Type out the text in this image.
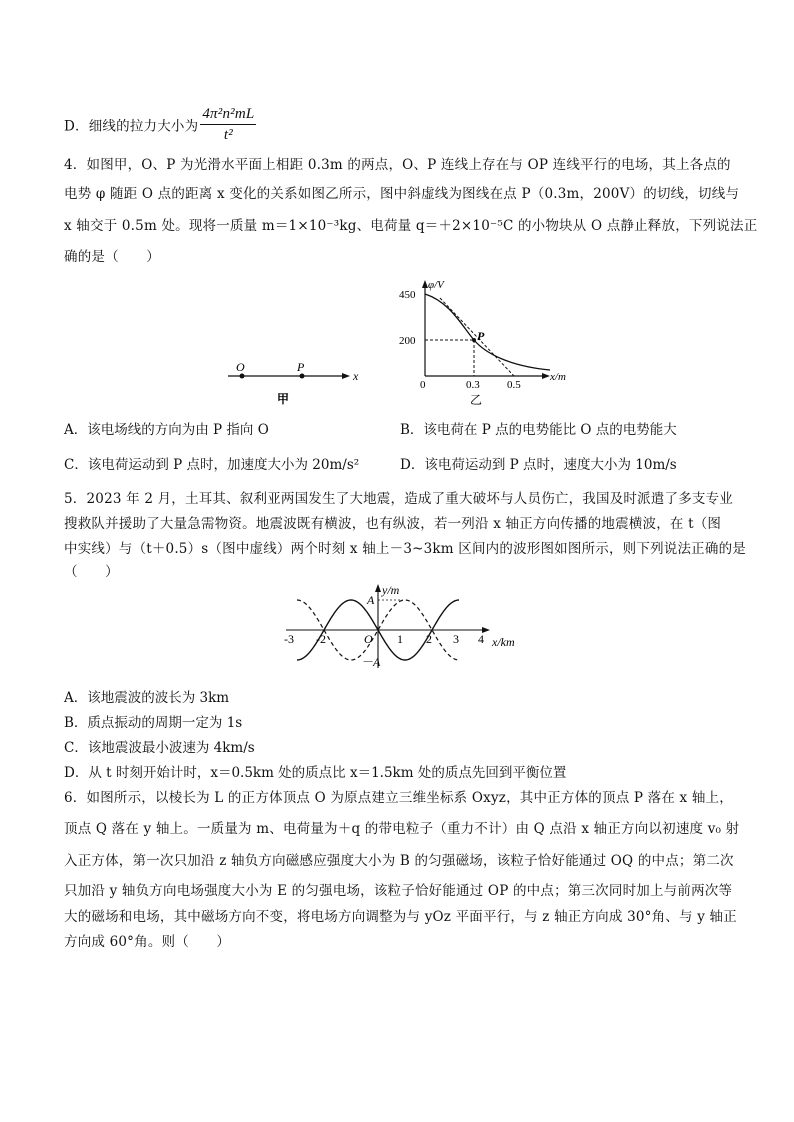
D．细线的拉力大小为 $\frac{\text{4π²n²mL}}{\text{t²}}$
4．如图甲，O、P 为光滑水平面上相距 0.3m 的两点，O、P 连线上存在与 OP 连线平行的电场，其上各点的
电势 φ 随距 O 点的距离 x 变化的关系如图乙所示，图中斜虚线为图线在点 P（0.3m，200V）的切线，切线与
x 轴交于 0.5m 处。现将一质量 m＝1×10⁻³kg、电荷量 q＝＋2×10⁻⁵C 的小物块从 O 点静止释放，下列说法正
确的是（　　）
O	P
x
甲
φ/V
450
200
0	0.3 0.5
P
x/m
乙
A．该电场线的方向为由 P 指向 O	B．该电荷在 P 点的电势能比 O 点的电势能大
C．该电荷运动到 P 点时，加速度大小为 20m/s²	D．该电荷运动到 P 点时，速度大小为 10m/s
5．2023 年 2 月，土耳其、叙利亚两国发生了大地震，造成了重大破坏与人员伤亡，我国及时派遣了多支专业
搜救队并援助了大量急需物资。地震波既有横波，也有纵波，若一列沿 x 轴正方向传播的地震横波，在 t（图
中实线）与（t＋0.5）s（图中虚线）两个时刻 x 轴上－3~3km 区间内的波形图如图所示，则下列说法正确的是
（　　）
y/m
A
－A
O
-3 -2	1 2 3 4 x/km
A．该地震波的波长为 3km
B．质点振动的周期一定为 1s
C．该地震波最小波速为 4km/s
D．从 t 时刻开始计时，x＝0.5km 处的质点比 x＝1.5km 处的质点先回到平衡位置
6．如图所示，以棱长为 L 的正方体顶点 O 为原点建立三维坐标系 Oxyz，其中正方体的顶点 P 落在 x 轴上，
顶点 Q 落在 y 轴上。一质量为 m、电荷量为＋q 的带电粒子（重力不计）由 Q 点沿 x 轴正方向以初速度 v₀ 射
入正方体，第一次只加沿 z 轴负方向磁感应强度大小为 B 的匀强磁场，该粒子恰好能通过 OQ 的中点；第二次
只加沿 y 轴负方向电场强度大小为 E 的匀强电场，该粒子恰好能通过 OP 的中点；第三次同时加上与前两次等
大的磁场和电场，其中磁场方向不变，将电场方向调整为与 yOz 平面平行，与 z 轴正方向成 30°角、与 y 轴正
方向成 60°角。则（　　）
